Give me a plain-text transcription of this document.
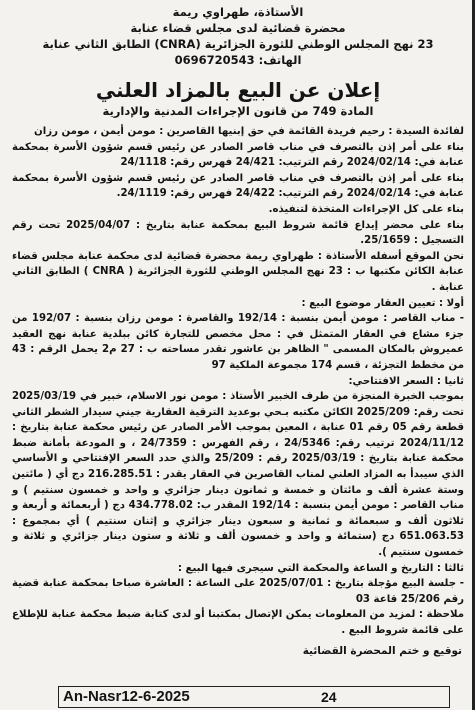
الأستاذة، طهراوي ريمة
محضرة قضائية لدى مجلس قضاء عنابة
23 نهج المجلس الوطني للثورة الجزائرية (CNRA) الطابق الثاني عنابة
الهاتف: 0696720543
إعلان عن البيع بالمزاد العلني
المادة 749 من قانون الإجراءات المدنية والإدارية

لفائدة السيدة : رحيم فريدة القائمة في حق إبنيها القاصرين : مومن أيمن ، مومن رزان

بناء على أمر إذن بالتصرف في مناب قاصر الصادر عن رئيس قسم شؤون الأسرة بمحكمة عنابة في: 2024/02/14 رقم الترتيب: 24/421 فهرس رقم: 24/1118

بناء على أمر إذن بالتصرف في مناب قاصر الصادر عن رئيس قسم شؤون الأسرة بمحكمة عنابة في: 2024/02/14 رقم الترتيب: 24/422 فهرس رقم: 24/1119.

بناء على كل الإجراءات المتخذة لتنفيذه.

بناء على محضر إيداع قائمة شروط البيع بمحكمة عنابة بتاريخ : 2025/04/07 تحت رقم التسجيل : 25/1659.

نحن الموقع أسفله الأستاذة : طهراوي ريمة محضرة قضائية لدى محكمة عنابة مجلس قضاء عنابة الكائن مكتبها ب : 23 نهج المجلس الوطني للثورة الجزائرية ( CNRA ) الطابق الثاني عنابة .

أولا : تعيين العقار موضوع البيع :

- مناب القاصر : مومن أيمن بنسبة : 192/14 والقاصرة : مومن رزان بنسبة : 192/07 من جزء مشاع في العقار المتمثل في : محل مخصص للتجارة كائن ببلدية عنابة نهج العقيد عميروش بالمكان المسمى " الظاهر بن عاشور تقدر مساحته ب : 27 م2 يحمل الرقم : 43 من مخطط التجزئة ، قسم 174 مجموعة الملكية 97

ثانيا : السعر الافتتاحي:

بموجب الخبرة المنجزة من طرف الخبير الأستاذ : مومن نور الاسلام، خبير في 2025/03/19 تحت رقم: 2025/209 الكائن مكتبه بـحي بوعديد الترقية العقارية جيني سيدار الشطر الثاني قطعة رقم 05 رقم 01 عنابة ، المعين بموجب الأمر الصادر عن رئيس محكمة عنابة بتاريخ : 2024/11/12 ترتيب رقم: 24/5346 ، رقم الفهرس : 24/7359 ، و المودعة بأمانة ضبط محكمة عنابة بتاريخ : 2025/03/19 رقم : 25/209 والذي حدد السعر الإفتتاحي و الأساسي الذي سيبدأ به المزاد العلني لمناب القاصرين في العقار يقدر : 216.285.51 دج أي ( مائتين وستة عشرة ألف و مائتان و خمسة و ثمانون دينار جزائري و واحد و خمسون سنتيم ) و مناب القاصر : مومن أيمن بنسبة : 192/14 المقدر ب: 434.778.02 دج ( أربعمائة و أربعة و ثلاثون ألف و سبعمائة و ثمانية و سبعون دينار جزائري و إثنان سنتيم ) أي بمجموع : 651.063.53 دج (ستمائة و واحد و خمسون ألف و ثلاثة و ستون دينار جزائري و ثلاثة و خمسون سنتيم ).

ثالثا : التاريخ و الساعة والمحكمة التي سيجرى فيها البيع :

- جلسة البيع مؤجلة بتاريخ : 2025/07/01 على الساعة : العاشرة صباحا بمحكمة عنابة قضية رقم 25/206 قاعة 03

ملاحظة : لمزيد من المعلومات يمكن الإتصال بمكتبنا أو لدى كتابة ضبط محكمة عنابة للإطلاع على قائمة شروط البيع .

توقيع و ختم المحضرة القضائية
An-Nasr12-6-2025	24
